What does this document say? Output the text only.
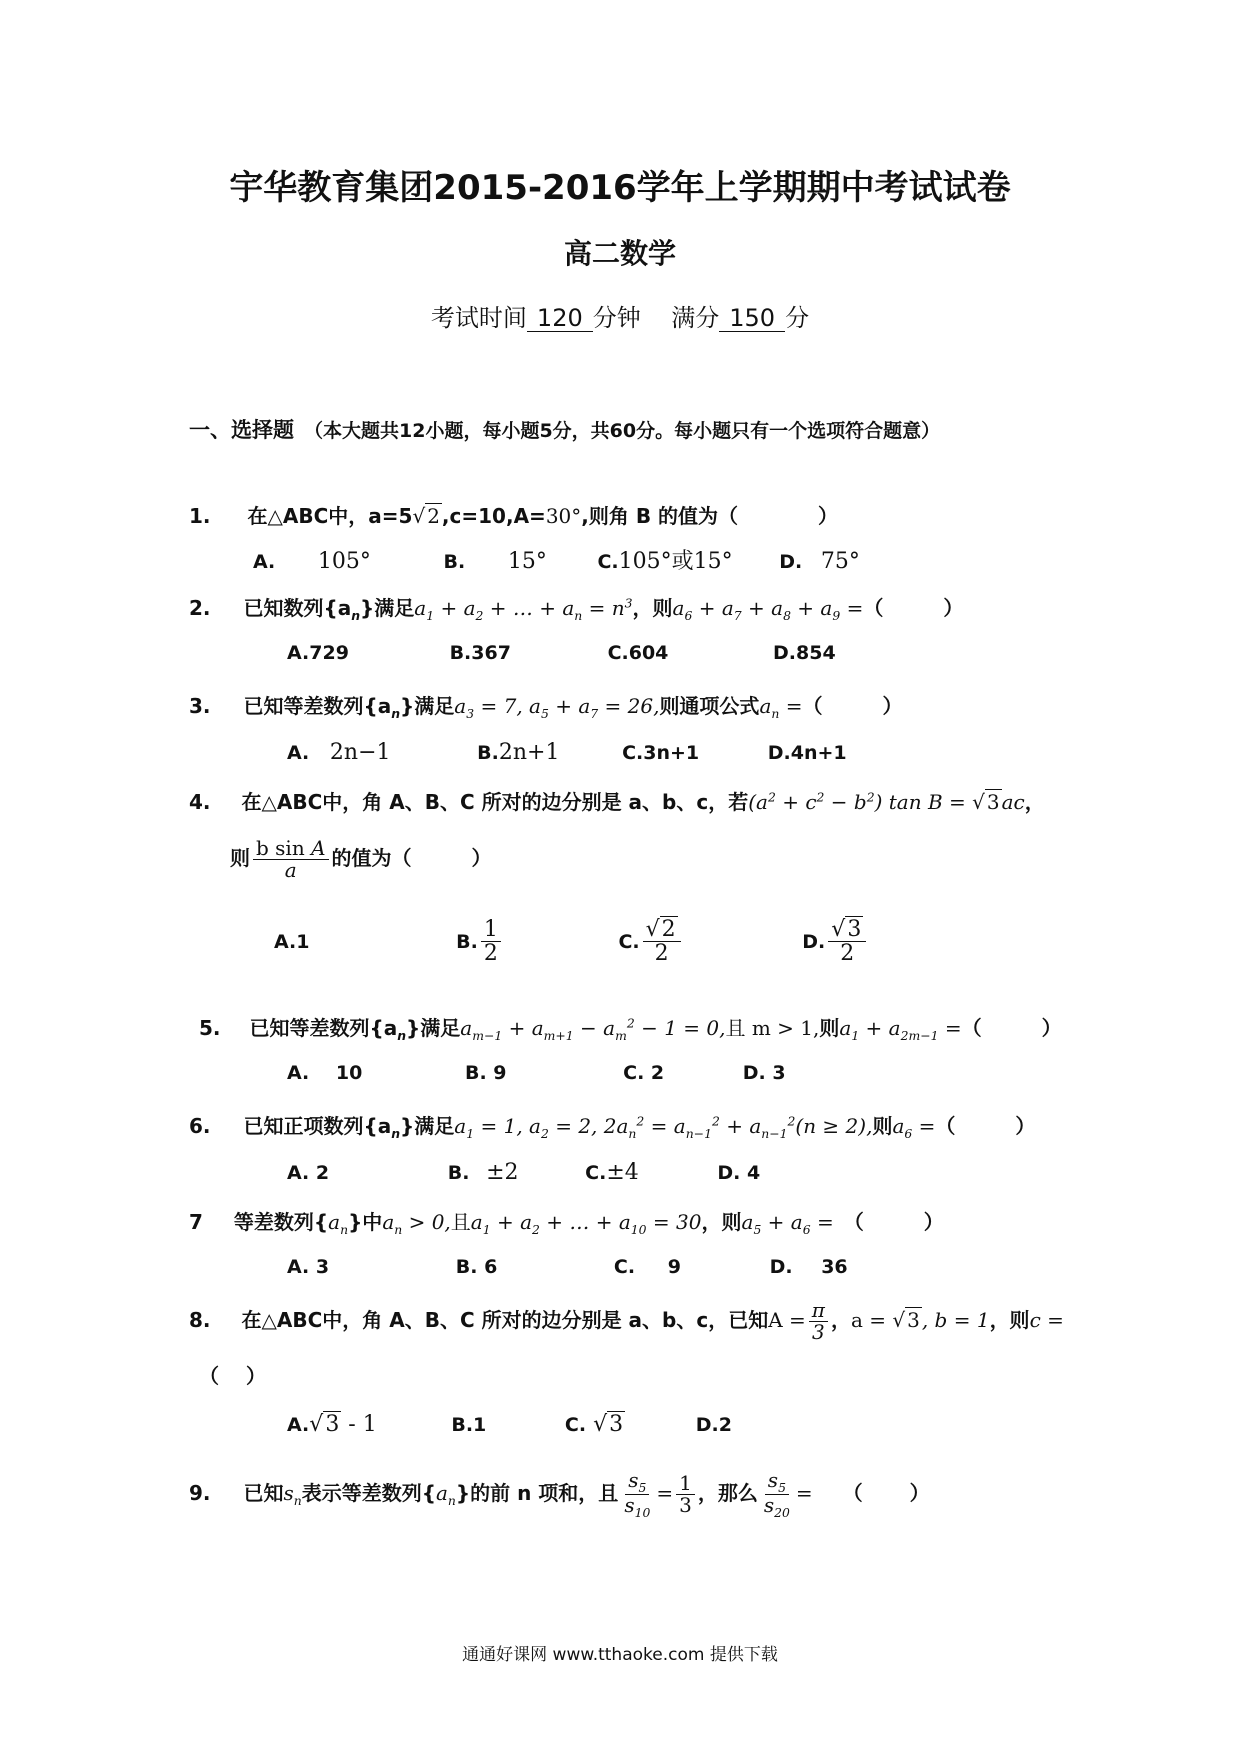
宇华教育集团2015-2016学年上学期期中考试试卷
高二数学
考试时间 120 分钟 满分 150 分
一、选择题 （本大题共12小题，每小题5分，共60分。每小题只有一个选项符合题意）
1. 在△ABC中，a=5√ 2 ,c=10,A=30°,则角 B 的值为（　　　　）
A. 105°	B. 15°	C.105°或15° D. 75°
2. 已知数列$\{a_n\}$满足$a_1 + a_2$ + … + $a_n = n^3$，则$a_6 + a_7 + a_8 + a_9$ =（　　　）
A.729	B.367	C.604	D.854
3. 已知等差数列$\{a_n\}$满足$a_3 = 7$, $a_5 + a_7 = 26$,则通项公式$a_n$ =（　　　）
A. 2n−1	B.2n+1	C.3n+1	D.4n+1
4. 在△ABC中，角 A、B、C 所对的边分别是 a、b、c，若$(a^2 + c^2 - b^2)$ tan B = √ 3 ac，
则 $\frac{\text{b sin A}}{a}$ 的值为（　　　）
A.1	B. $\frac{1}{2}$	C. $\frac{√2}{2}$	D. $\frac{√3}{2}$
5. 已知等差数列$\{a_n\}$满足$a_{m-1} + a_{m+1} - a_m^2 - 1 = 0$,且 m > 1,则$a_1 + a_{2m-1}$ =（　　　）
A. 10	B. 9	C. 2	D. 3
6. 已知正项数列$\{a_n\}$满足$a_1 = 1$, $a_2 = 2$, $2a_n^2 = a_{n-1}^2 + a_{n-1}^2(n \ge 2)$,则$a_6$ =（　　　）
A. 2	B. ±2	C.±4	D. 4
7 等差数列$\{a_n\}$中$a_n > 0$,且$a_1 + a_2$ + … + $a_{10} = 30$，则$a_5 + a_6$ =　（　　　）
A. 3	B. 6	C. 9	D. 36
8. 在△ABC中，角 A、B、C 所对的边分别是 a、b、c，已知$A = \frac{\pi}{3}$ ，a = √ 3 , b = 1，则c =
（　 ）
A.√3 - 1	B.1	C. √3	D.2
9. 已知$s_n$表示等差数列$\{a_n\}$的前 n 项和，且 $\frac{s_5}{s_{10}} = \frac{1}{3}$ ，那么 $\frac{s_5}{s_{20}}$ =　　（　　 ）
通通好课网 www.tthaoke.com 提供下载
